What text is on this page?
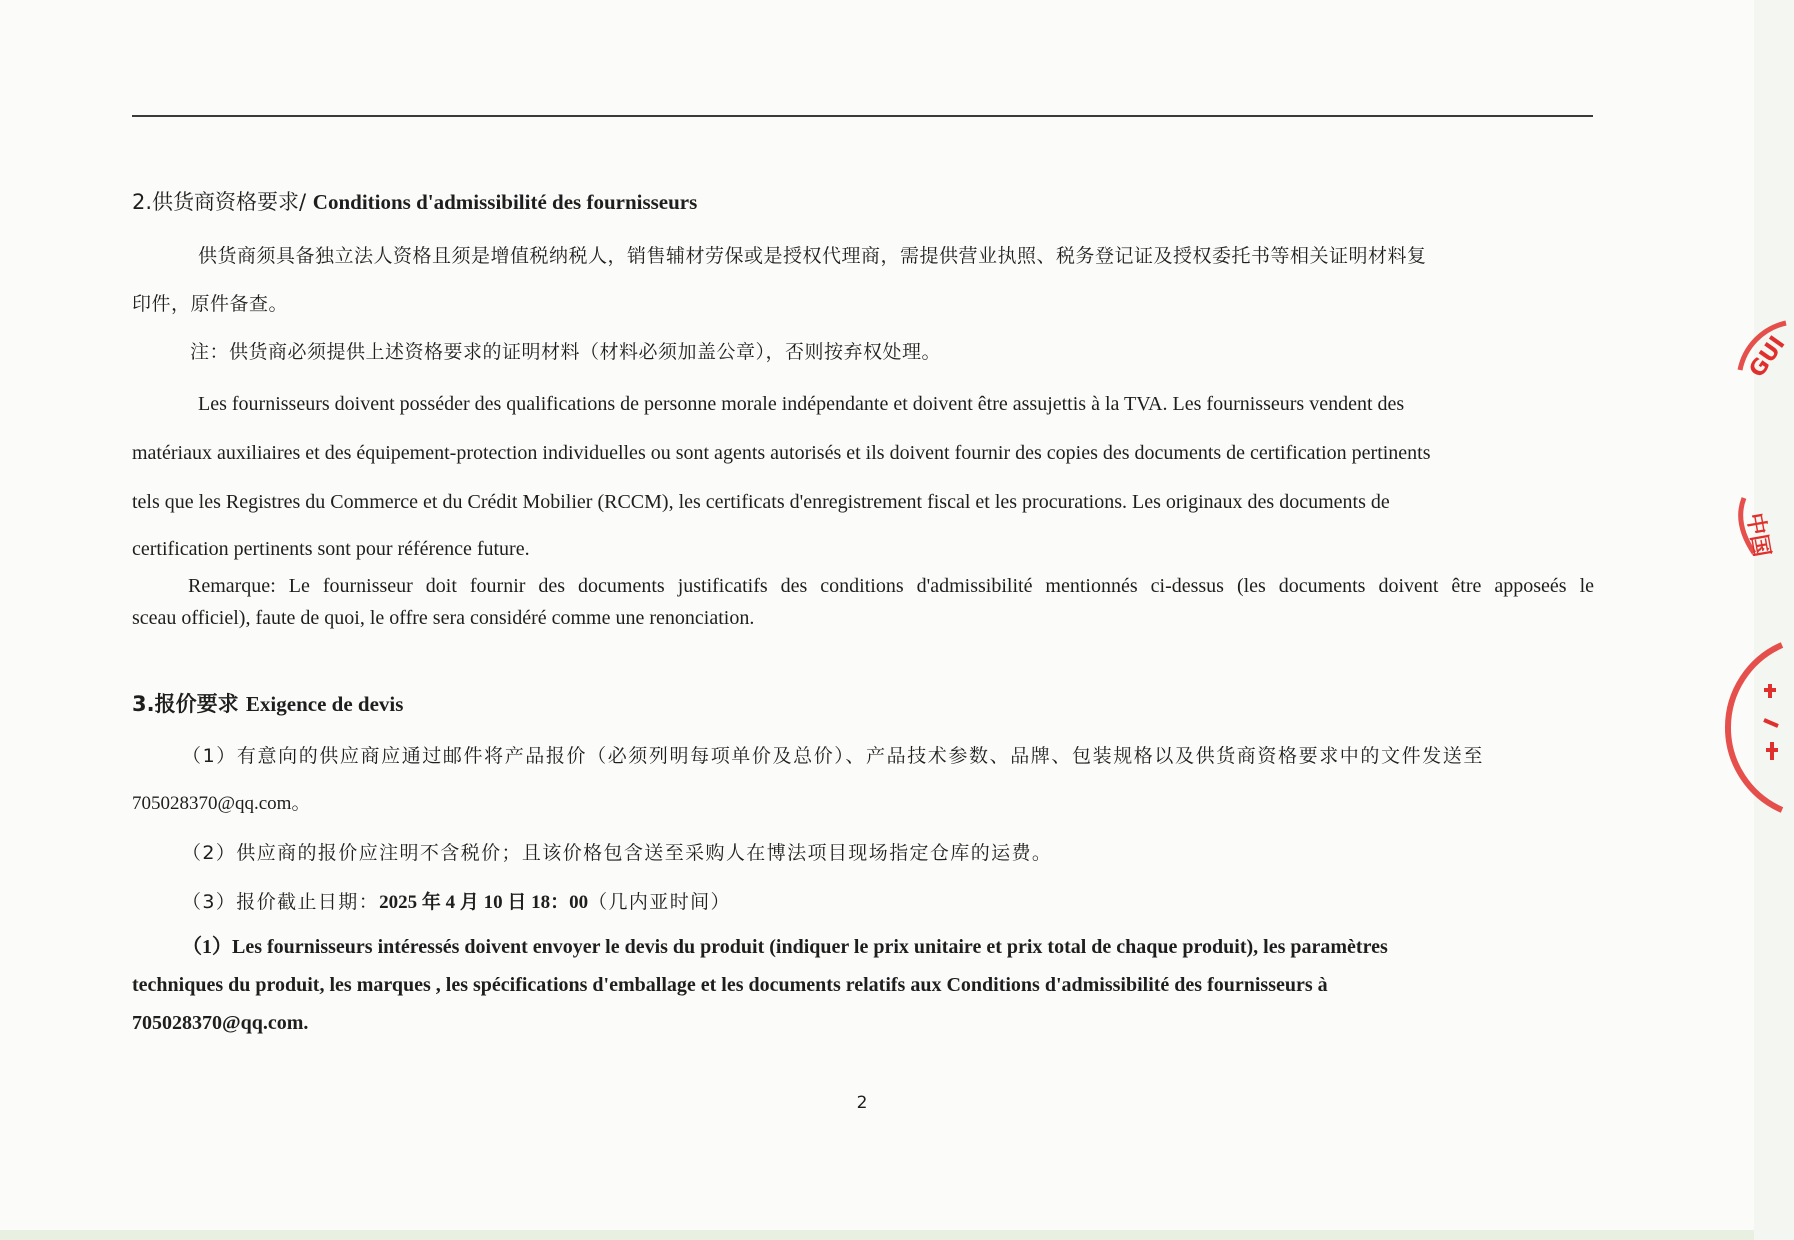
2.供货商资格要求/ Conditions d'admissibilité des fournisseurs
供货商须具备独立法人资格且须是增值税纳税人，销售辅材劳保或是授权代理商，需提供营业执照、税务登记证及授权委托书等相关证明材料复
印件，原件备查。
注：供货商必须提供上述资格要求的证明材料（材料必须加盖公章），否则按弃权处理。
Les fournisseurs doivent posséder des qualifications de personne morale indépendante et doivent être assujettis à la TVA. Les fournisseurs vendent des
matériaux auxiliaires et des équipement-protection individuelles ou sont agents autorisés et ils doivent fournir des copies des documents de certification pertinents
tels que les Registres du Commerce et du Crédit Mobilier (RCCM), les certificats d'enregistrement fiscal et les procurations. Les originaux des documents de
certification pertinents sont pour référence future.
Remarque: Le fournisseur doit fournir des documents justificatifs des conditions d'admissibilité mentionnés ci-dessus (les documents doivent être apposeés le
sceau officiel), faute de quoi, le offre sera considéré comme une renonciation.
3.报价要求 Exigence de devis
（1）有意向的供应商应通过邮件将产品报价（必须列明每项单价及总价）、产品技术参数、品牌、包装规格以及供货商资格要求中的文件发送至
705028370@qq.com。
（2）供应商的报价应注明不含税价；且该价格包含送至采购人在博法项目现场指定仓库的运费。
（3）报价截止日期：2025 年 4 月 10 日 18：00（几内亚时间）
（1）Les fournisseurs intéressés doivent envoyer le devis du produit (indiquer le prix unitaire et prix total de chaque produit), les paramètres
techniques du produit, les marques , les spécifications d'emballage et les documents relatifs aux Conditions d'admissibilité des fournisseurs à
705028370@qq.com.
2
GUI
中国
